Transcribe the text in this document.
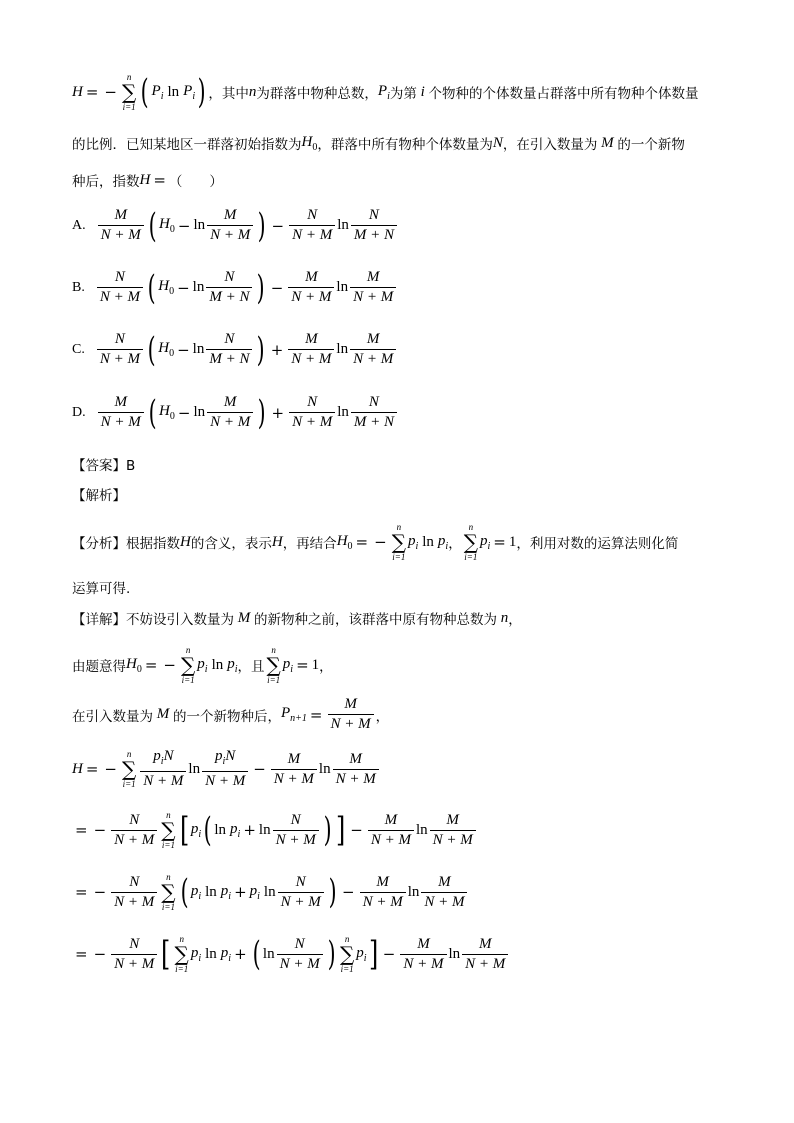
H = −
n
∑
i=1 ( $P_i$ $\ln P_i$ ) ，其中 n 为群落中物种总数， $P_i$ 为第 i 个物种的个体数量占群落中所有物种个体数量
的比例．已知某地区一群落初始指数为 $H_0$ ，群落中所有物种个体数量为 N ，在引入数量为 M 的一个新物
种后，指数 H = （　　）
A. $\frac{M}{N + M}$ ( $H_0 - \ln \frac{M}{N + M}$ ) − $\frac{N}{N + M}$ $\ln \frac{N}{M + N}$
B. $\frac{N}{N + M}$ ( $H_0 - \ln \frac{N}{M + N}$ ) − $\frac{M}{N + M}$ $\ln \frac{M}{N + M}$
C. $\frac{N}{N + M}$ ( $H_0 - \ln \frac{N}{M + N}$ ) + $\frac{M}{N + M}$ $\ln \frac{M}{N + M}$
D. $\frac{M}{N + M}$ ( $H_0 - \ln \frac{M}{N + M}$ ) + $\frac{N}{N + M}$ $\ln \frac{N}{M + N}$
【答案】B
【解析】
【分析】根据指数 H 的含义，表示 H ，再结合 $H_0$ = −
n
∑
i=1
$p_i$ $\ln p_i$ ，
n
∑
i=1
$p_i = 1$ ，利用对数的运算法则化简
运算可得.
【详解】不妨设引入数量为 M 的新物种之前，该群落中原有物种总数为 n ，
由题意得 $H_0$ = −
n
∑
i=1
$p_i$ $\ln p_i$ ，且
n
∑
i=1
$p_i = 1$ ，
在引入数量为 M 的一个新物种后， $P_{n+1} = \frac{M}{N + M}$ ，
H = −
n
∑
$i=1 \frac{p_iN}{N + M}$ $\ln \frac{p_iN}{N + M} - \frac{M}{N + M}$ $\ln \frac{M}{N + M}$
= − $\frac{N}{N + M}$ n
∑
i=1 [ $p_i$ ( $\ln p_i + \ln \frac{N}{N + M}$ ) ] − $\frac{M}{N + M}$ $\ln \frac{M}{N + M}$
= − $\frac{N}{N + M}$ n
∑
i=1 ( $p_i$ $\ln p_i + p_i$ $\ln \frac{N}{N + M}$ ) − $\frac{M}{N + M}$ $\ln \frac{M}{N + M}$
= − $\frac{N}{N + M}$ [ n
∑
i=1
$p_i$ $\ln p_i$ + ( $\ln \frac{N}{N + M}$ ) n
∑
i=1
$p_i$ ] − $\frac{M}{N + M}$ $\ln \frac{M}{N + M}$
